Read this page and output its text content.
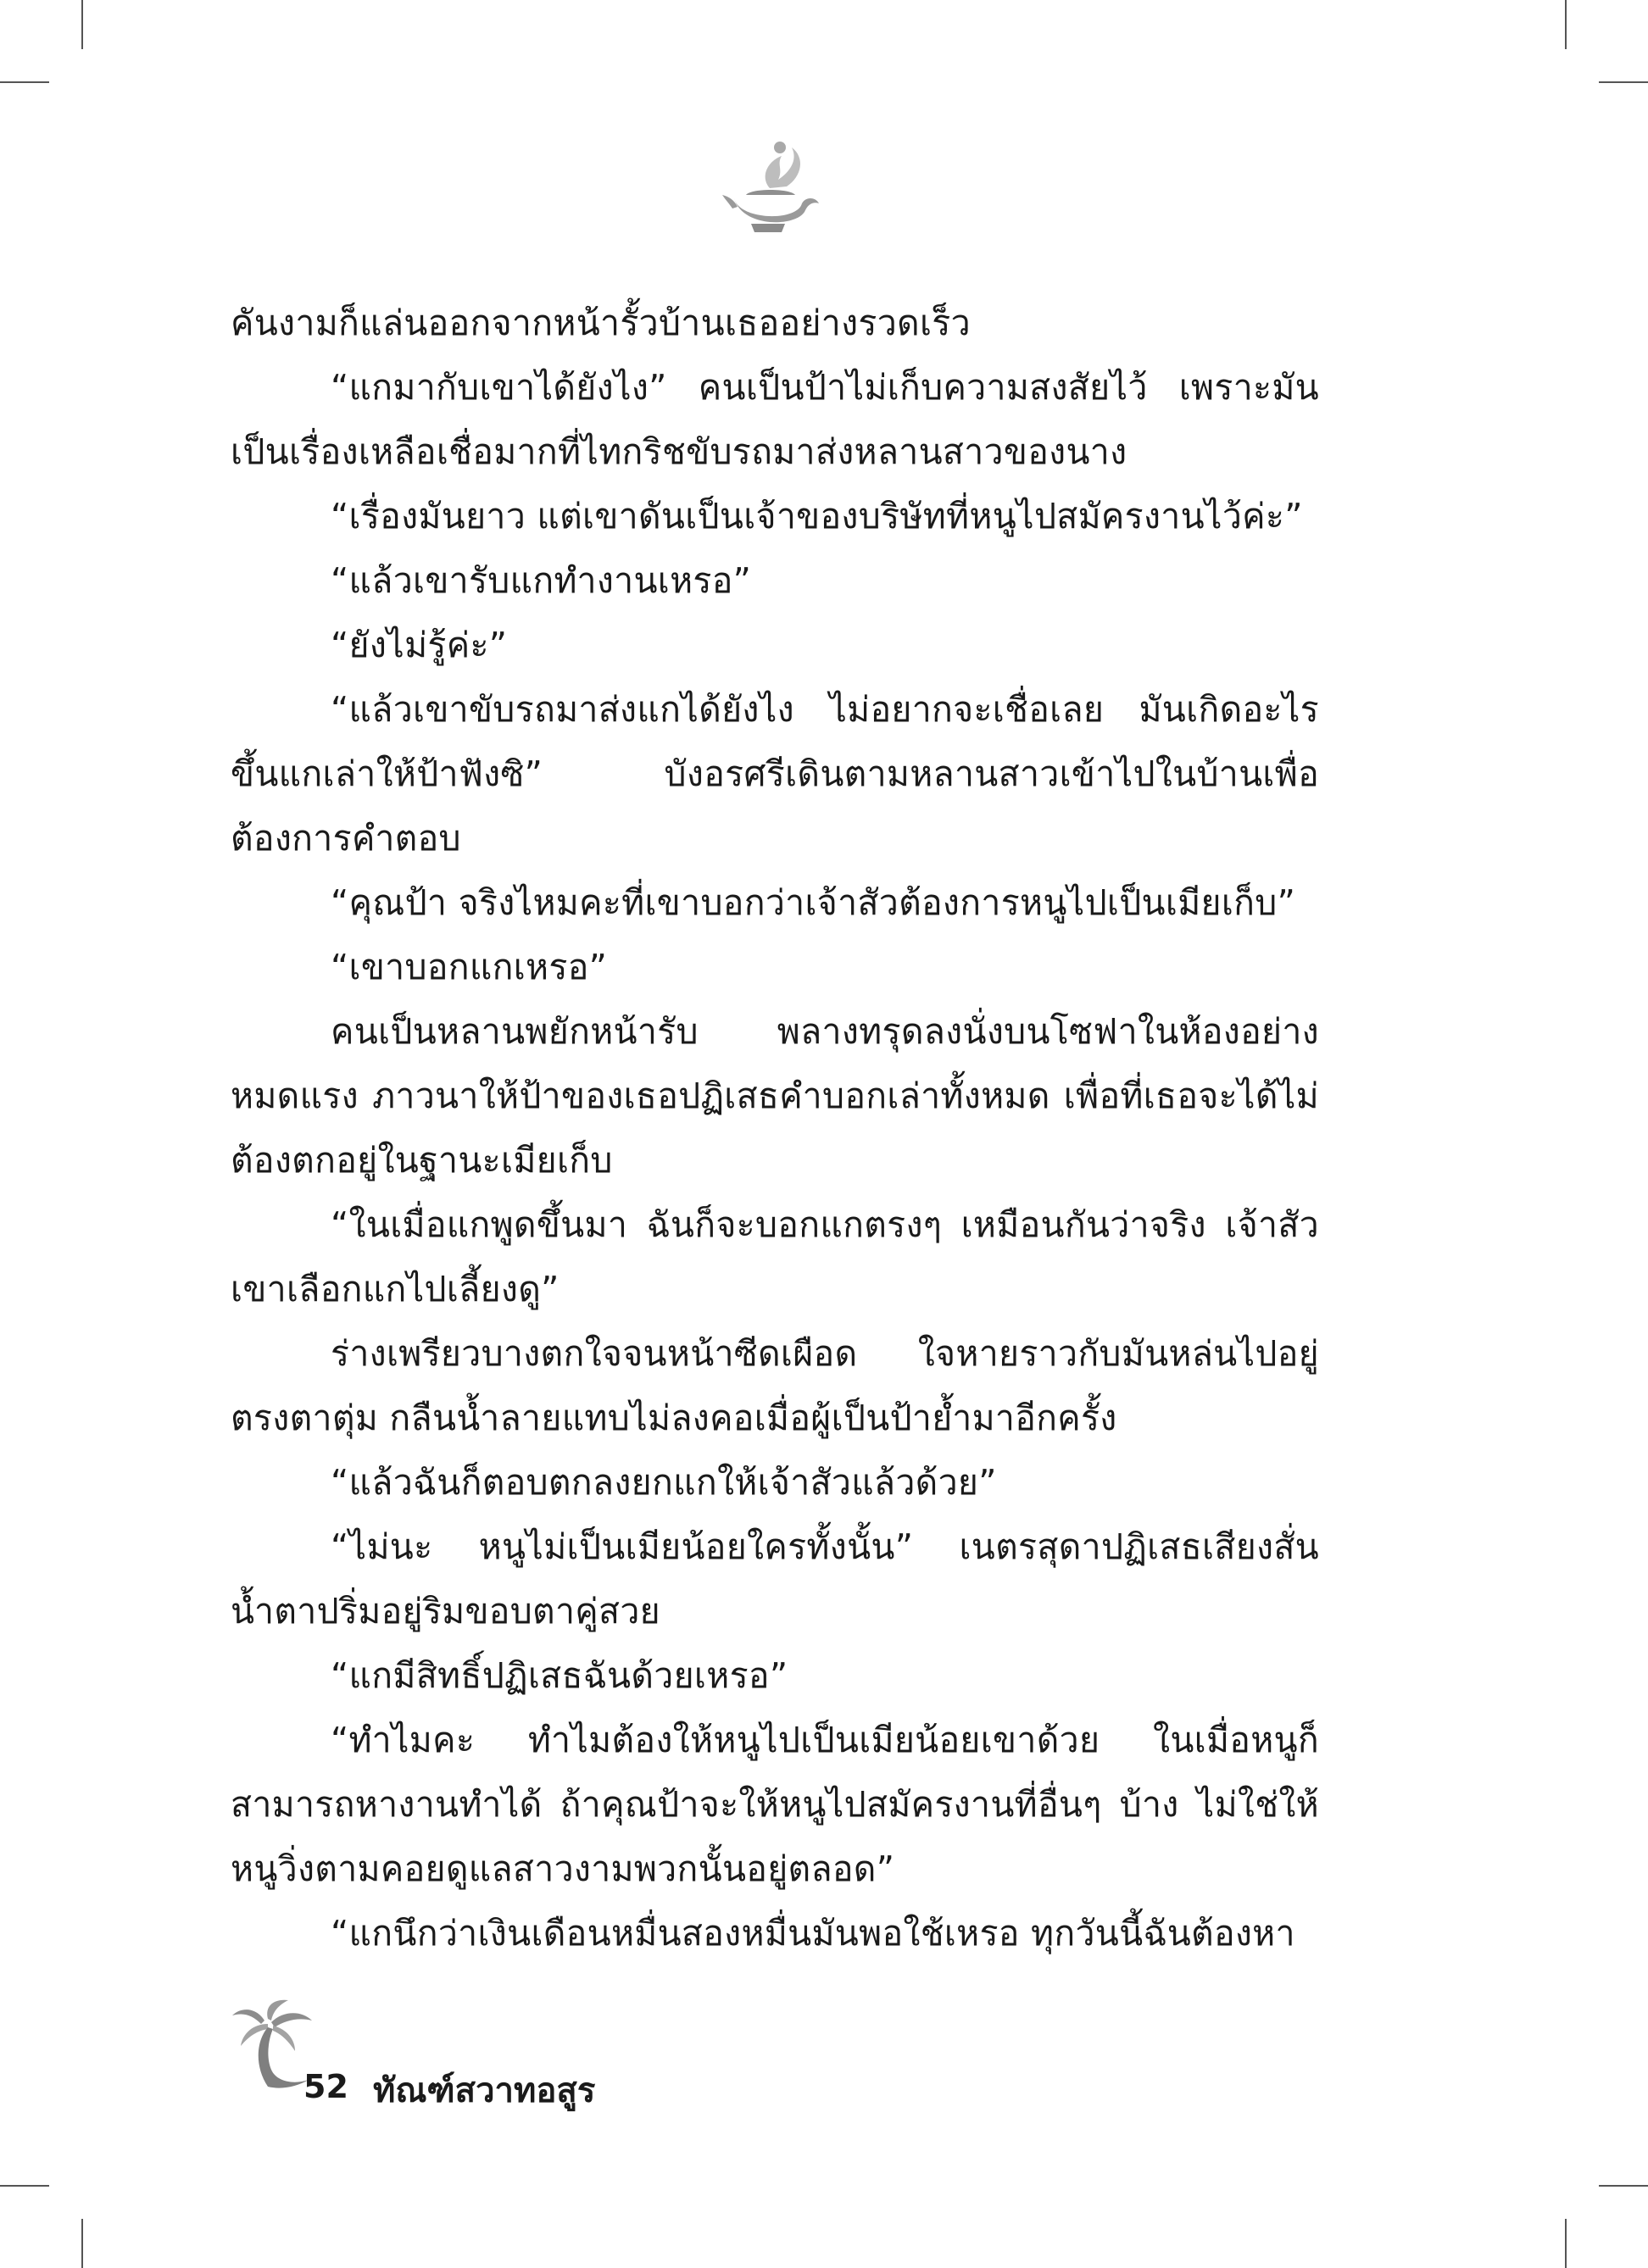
คันงามก็แล่นออกจากหน้ารั้วบ้านเธออย่างรวดเร็ว

“แกมากับเขาได้ยังไง” คนเป็นป้าไม่เก็บความสงสัยไว้ เพราะมันเป็นเรื่องเหลือเชื่อมากที่ไทกริชขับรถมาส่งหลานสาวของนาง

“เรื่องมันยาว แต่เขาดันเป็นเจ้าของบริษัทที่หนูไปสมัครงานไว้ค่ะ”

“แล้วเขารับแกทำงานเหรอ”

“ยังไม่รู้ค่ะ”

“แล้วเขาขับรถมาส่งแกได้ยังไง ไม่อยากจะเชื่อเลย มันเกิดอะไรขึ้นแกเล่าให้ป้าฟังซิ” บังอรศรีเดินตามหลานสาวเข้าไปในบ้านเพื่อต้องการคำตอบ

“คุณป้า จริงไหมคะที่เขาบอกว่าเจ้าสัวต้องการหนูไปเป็นเมียเก็บ”

“เขาบอกแกเหรอ”

คนเป็นหลานพยักหน้ารับ พลางทรุดลงนั่งบนโซฟาในห้องอย่างหมดแรง ภาวนาให้ป้าของเธอปฏิเสธคำบอกเล่าทั้งหมด เพื่อที่เธอจะได้ไม่ต้องตกอยู่ในฐานะเมียเก็บ

“ในเมื่อแกพูดขึ้นมา ฉันก็จะบอกแกตรงๆ เหมือนกันว่าจริง เจ้าสัวเขาเลือกแกไปเลี้ยงดู”

ร่างเพรียวบางตกใจจนหน้าซีดเผือด ใจหายราวกับมันหล่นไปอยู่ตรงตาตุ่ม กลืนน้ำลายแทบไม่ลงคอเมื่อผู้เป็นป้าย้ำมาอีกครั้ง

“แล้วฉันก็ตอบตกลงยกแกให้เจ้าสัวแล้วด้วย”

“ไม่นะ หนูไม่เป็นเมียน้อยใครทั้งนั้น” เนตรสุดาปฏิเสธเสียงสั่นน้ำตาปริ่มอยู่ริมขอบตาคู่สวย

“แกมีสิทธิ์ปฏิเสธฉันด้วยเหรอ”

“ทำไมคะ ทำไมต้องให้หนูไปเป็นเมียน้อยเขาด้วย ในเมื่อหนูก็สามารถหางานทำได้ ถ้าคุณป้าจะให้หนูไปสมัครงานที่อื่นๆ บ้าง ไม่ใช่ให้หนูวิ่งตามคอยดูแลสาวงามพวกนั้นอยู่ตลอด”

“แกนึกว่าเงินเดือนหมื่นสองหมื่นมันพอใช้เหรอ ทุกวันนี้ฉันต้องหา

52 ทัณฑ์สวาทอสูร
